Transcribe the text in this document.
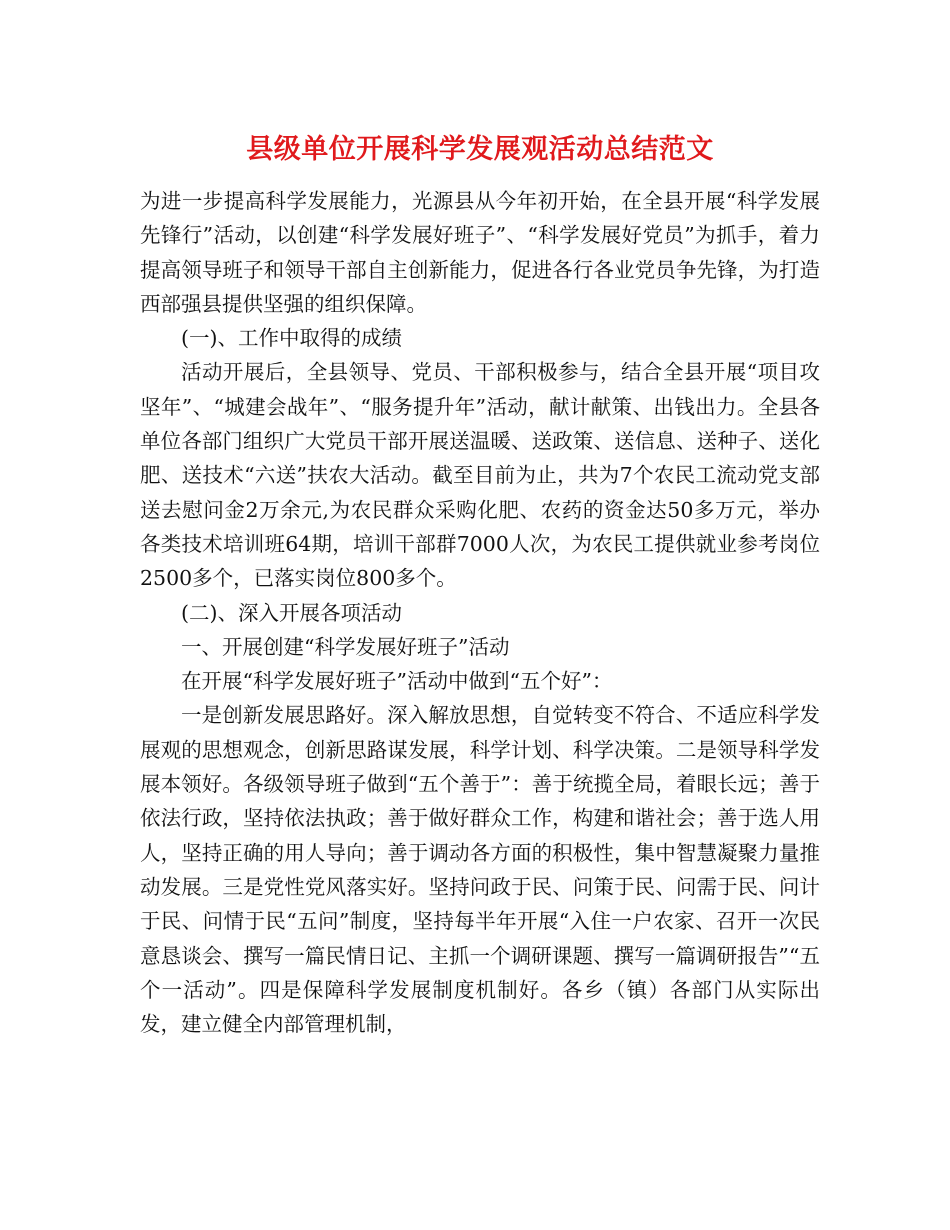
县级单位开展科学发展观活动总结范文

为进一步提高科学发展能力，光源县从今年初开始，在全县开展“科学发展先锋行”活动，以创建“科学发展好班子”、“科学发展好党员”为抓手，着力提高领导班子和领导干部自主创新能力，促进各行各业党员争先锋，为打造西部强县提供坚强的组织保障。

(一)、工作中取得的成绩

活动开展后，全县领导、党员、干部积极参与，结合全县开展“项目攻坚年”、“城建会战年”、“服务提升年”活动，献计献策、出钱出力。全县各单位各部门组织广大党员干部开展送温暖、送政策、送信息、送种子、送化肥、送技术“六送”扶农大活动。截至目前为止，共为7个农民工流动党支部送去慰问金2万余元,为农民群众采购化肥、农药的资金达50多万元，举办各类技术培训班64期，培训干部群7000人次，为农民工提供就业参考岗位2500多个，已落实岗位800多个。

(二)、深入开展各项活动

一、开展创建“科学发展好班子”活动

在开展“科学发展好班子”活动中做到“五个好”：

一是创新发展思路好。深入解放思想，自觉转变不符合、不适应科学发展观的思想观念，创新思路谋发展，科学计划、科学决策。二是领导科学发展本领好。各级领导班子做到“五个善于”：善于统揽全局，着眼长远；善于依法行政，坚持依法执政；善于做好群众工作，构建和谐社会；善于选人用人，坚持正确的用人导向；善于调动各方面的积极性，集中智慧凝聚力量推动发展。三是党性党风落实好。坚持问政于民、问策于民、问需于民、问计于民、问情于民“五问”制度，坚持每半年开展“入住一户农家、召开一次民意恳谈会、撰写一篇民情日记、主抓一个调研课题、撰写一篇调研报告”“五个一活动”。四是保障科学发展制度机制好。各乡（镇）各部门从实际出发，建立健全内部管理机制，
